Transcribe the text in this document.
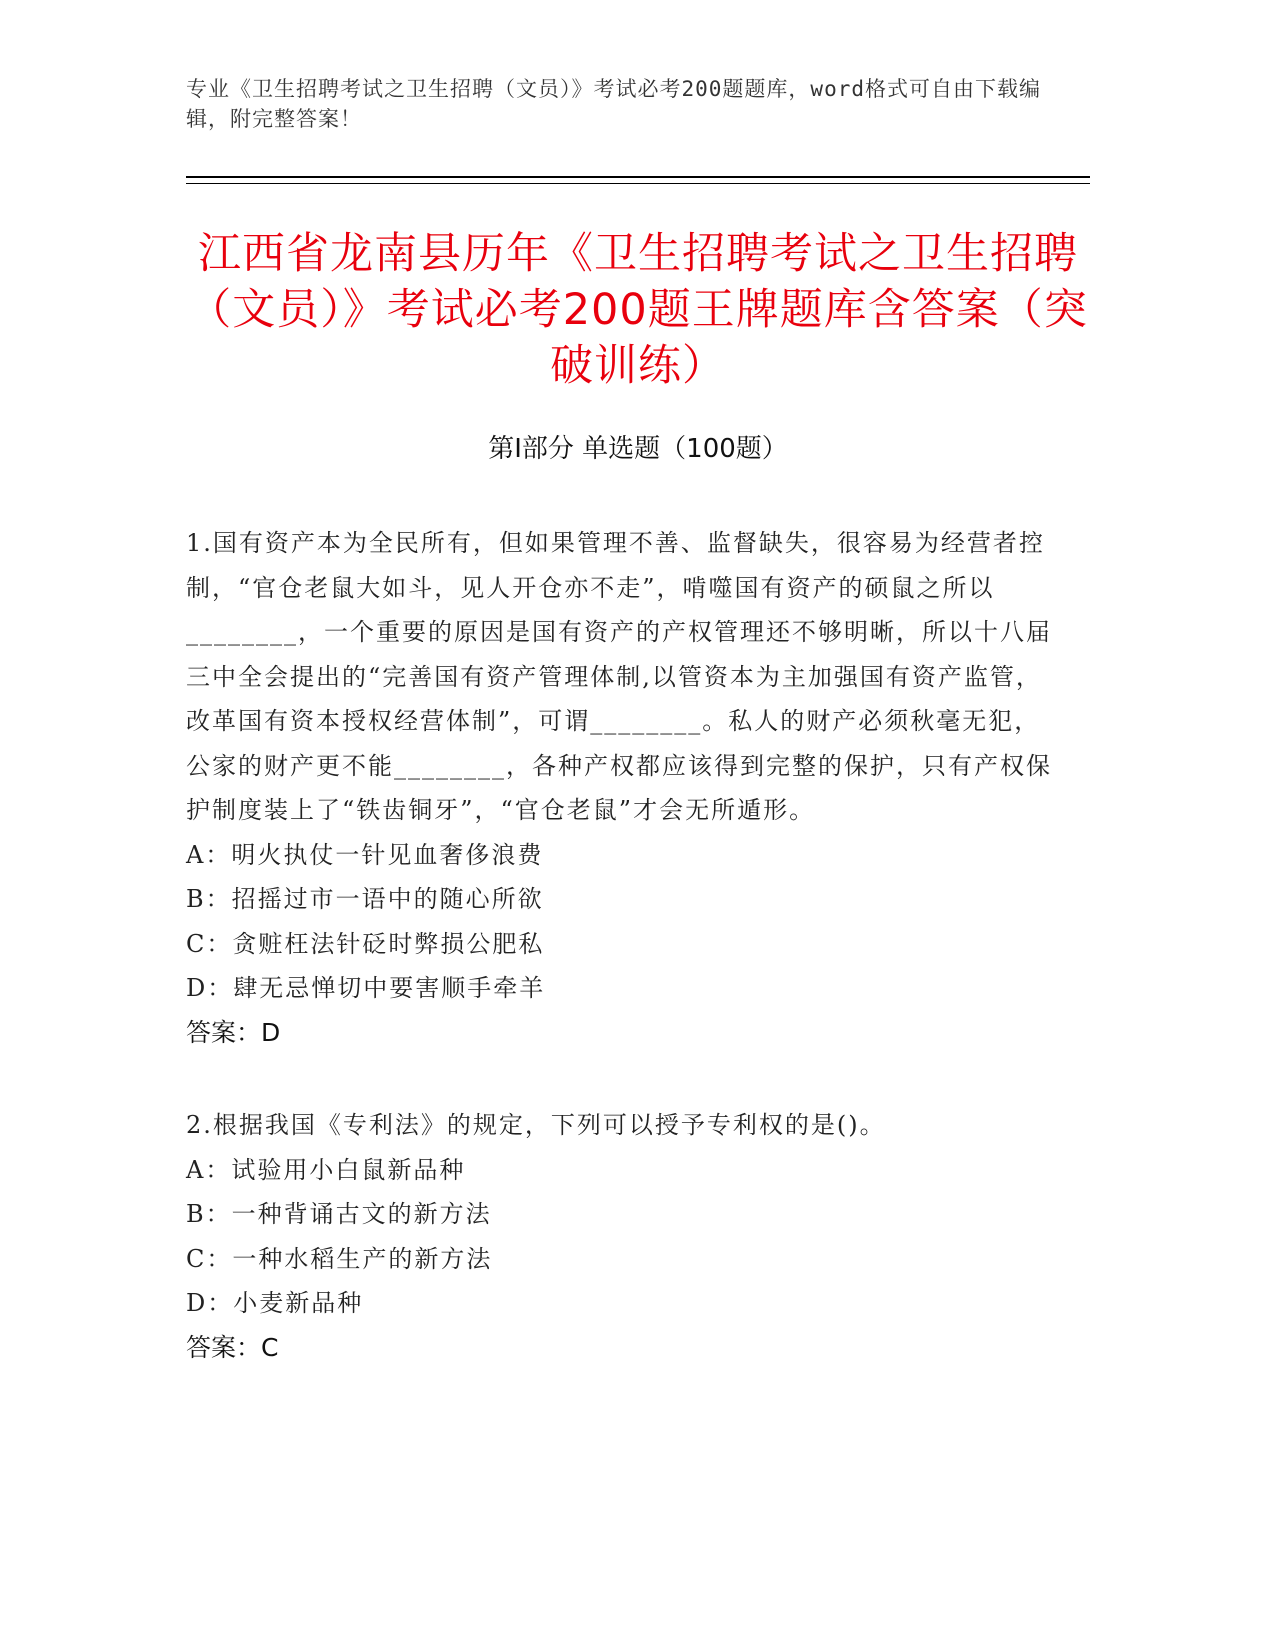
专业《卫生招聘考试之卫生招聘（文员）》考试必考200题题库，word格式可自由下载编辑，附完整答案！
江西省龙南县历年《卫生招聘考试之卫生招聘（文员）》考试必考200题王牌题库含答案（突破训练）
第I部分 单选题（100题）

1.国有资产本为全民所有，但如果管理不善、监督缺失，很容易为经营者控制，“官仓老鼠大如斗，见人开仓亦不走”，啃噬国有资产的硕鼠之所以________，一个重要的原因是国有资产的产权管理还不够明晰，所以十八届三中全会提出的“完善国有资产管理体制,以管资本为主加强国有资产监管，改革国有资本授权经营体制”，可谓________。私人的财产必须秋毫无犯，公家的财产更不能________，各种产权都应该得到完整的保护，只有产权保护制度装上了“铁齿铜牙”，“官仓老鼠”才会无所遁形。

A：明火执仗一针见血奢侈浪费

B：招摇过市一语中的随心所欲

C：贪赃枉法针砭时弊损公肥私

D：肆无忌惮切中要害顺手牵羊

答案：D

2.根据我国《专利法》的规定，下列可以授予专利权的是()。

A：试验用小白鼠新品种

B：一种背诵古文的新方法

C：一种水稻生产的新方法

D：小麦新品种

答案：C
